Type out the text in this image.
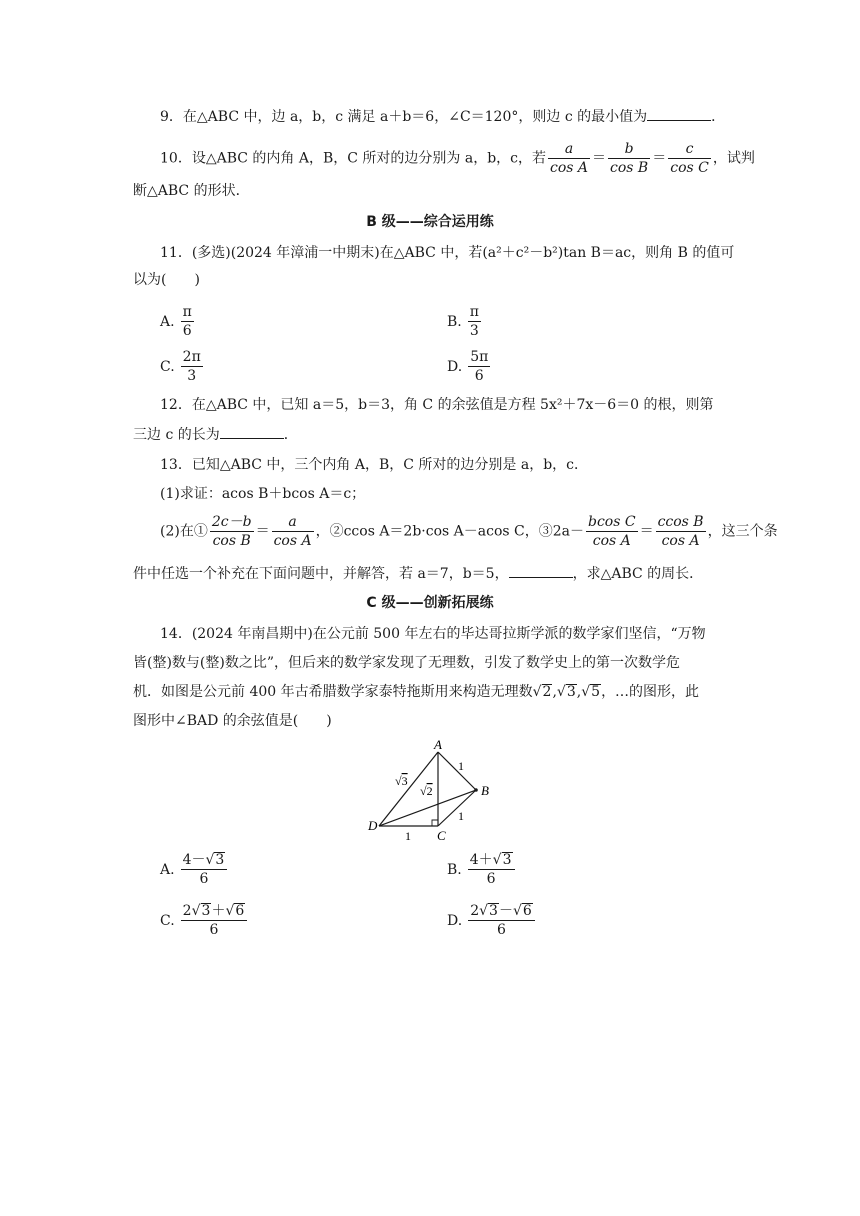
9．在△ABC 中，边 a，b，c 满足 a＋b＝6，∠C＝120°，则边 c 的最小值为	．
10．设△ABC 的内角 A，B，C 所对的边分别为 a，b，c，若 $\frac{a}{\text{cos A}} = \frac{b}{\text{cos B}} = \frac{c}{\text{cos C}}$ ，试判
断△ABC 的形状．
B 级——综合运用练
11．(多选)(2024 年漳浦一中期末)在△ABC 中，若(a²＋c²－b²)tan B＝ac，则角 B 的值可
以为(　　)
A. $\frac{\pi}{6}$	B. $\frac{\pi}{3}$
C. $\frac{2\pi}{3}$	D. $\frac{5\pi}{6}$
12．在△ABC 中，已知 a＝5，b＝3，角 C 的余弦值是方程 5x²＋7x－6＝0 的根，则第
三边 c 的长为	．
13．已知△ABC 中，三个内角 A，B，C 所对的边分别是 a，b，c．
(1)求证：acos B＋bcos A＝c；
(2)在① $\frac{2c-b}{\text{cos B}} = \frac{a}{\text{cos A}}$ ，②ccos A＝2b·cos A－acos C，③2a－ $\frac{\text{bcos C}}{\text{cos A}} = \frac{\text{ccos B}}{\text{cos A}}$ ，这三个条
件中任选一个补充在下面问题中，并解答，若 a＝7，b＝5，	，求△ABC 的周长．
C 级——创新拓展练
14．(2024 年南昌期中)在公元前 500 年左右的毕达哥拉斯学派的数学家们坚信，“万物
皆(整)数与(整)数之比”，但后来的数学家发现了无理数，引发了数学史上的第一次数学危
机．如图是公元前 400 年古希腊数学家泰特拖斯用来构造无理数√2,√3,√5，…的图形，此
图形中∠BAD 的余弦值是(　　)
A
B
C
D
1
1
1
√3
√2
A. $\frac{4-√3}{6}$	B. $\frac{4+√3}{6}$
C. $\frac{2√3+√6}{6}$	D. $\frac{2√3-√6}{6}$
